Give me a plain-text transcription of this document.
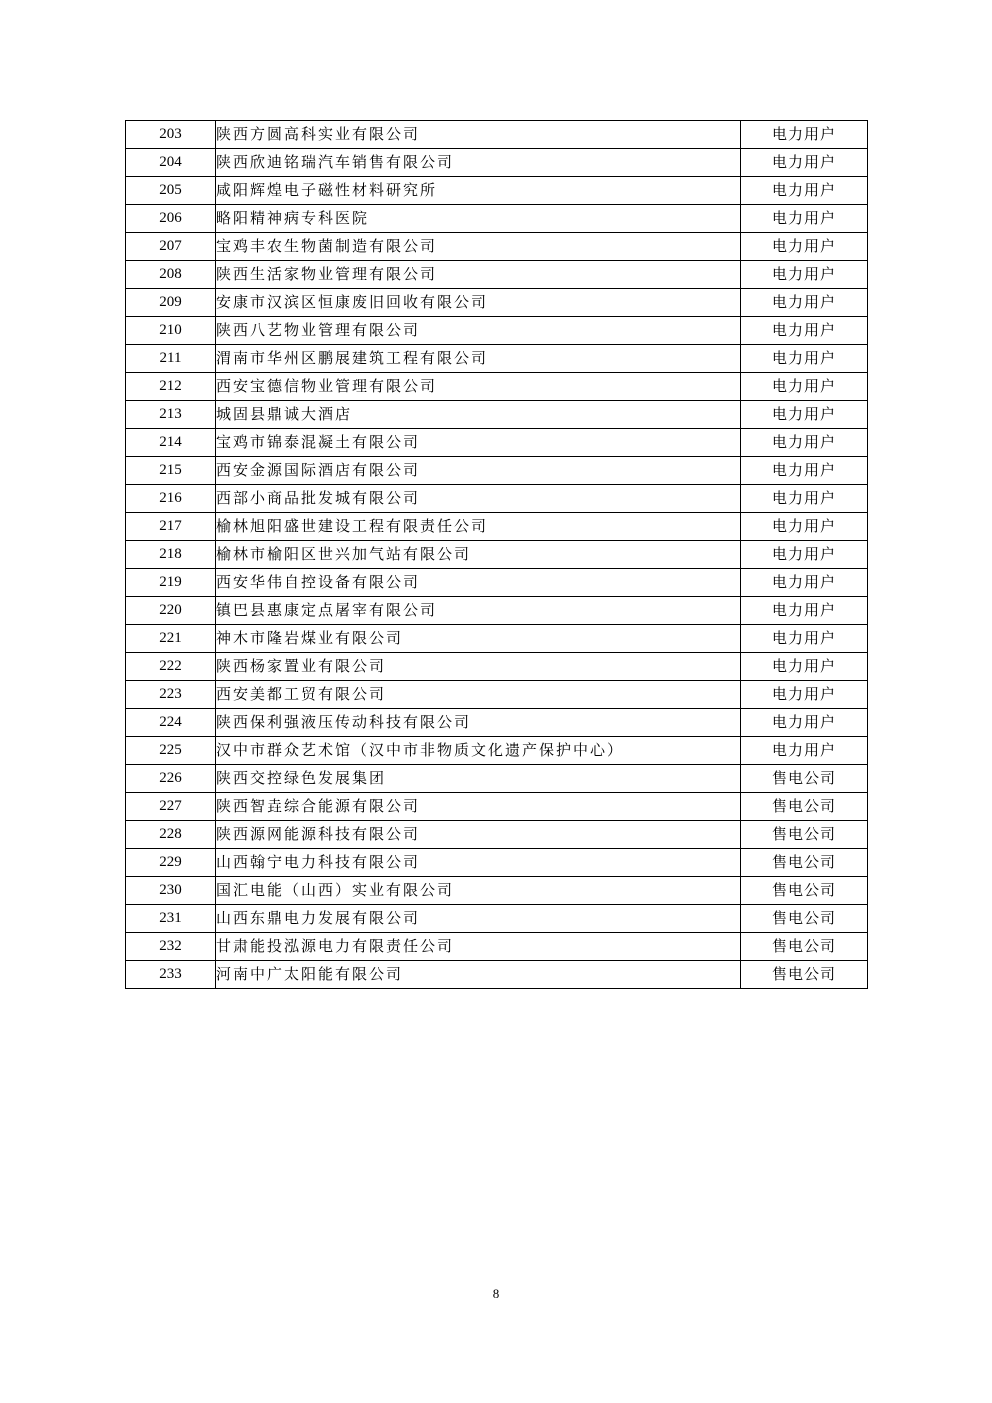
203	陕西方圆高科实业有限公司	电力用户
204	陕西欣迪铭瑞汽车销售有限公司	电力用户
205	咸阳辉煌电子磁性材料研究所	电力用户
206	略阳精神病专科医院	电力用户
207	宝鸡丰农生物菌制造有限公司	电力用户
208	陕西生活家物业管理有限公司	电力用户
209	安康市汉滨区恒康废旧回收有限公司	电力用户
210	陕西八艺物业管理有限公司	电力用户
211	渭南市华州区鹏展建筑工程有限公司	电力用户
212	西安宝德信物业管理有限公司	电力用户
213	城固县鼎诚大酒店	电力用户
214	宝鸡市锦泰混凝土有限公司	电力用户
215	西安金源国际酒店有限公司	电力用户
216	西部小商品批发城有限公司	电力用户
217	榆林旭阳盛世建设工程有限责任公司	电力用户
218	榆林市榆阳区世兴加气站有限公司	电力用户
219	西安华伟自控设备有限公司	电力用户
220	镇巴县惠康定点屠宰有限公司	电力用户
221	神木市隆岩煤业有限公司	电力用户
222	陕西杨家置业有限公司	电力用户
223	西安美都工贸有限公司	电力用户
224	陕西保利强液压传动科技有限公司	电力用户
225	汉中市群众艺术馆（汉中市非物质文化遗产保护中心）	电力用户
226	陕西交控绿色发展集团	售电公司
227	陕西智垚综合能源有限公司	售电公司
228	陕西源网能源科技有限公司	售电公司
229	山西翰宁电力科技有限公司	售电公司
230	国汇电能（山西）实业有限公司	售电公司
231	山西东鼎电力发展有限公司	售电公司
232	甘肃能投泓源电力有限责任公司	售电公司
233	河南中广太阳能有限公司	售电公司
8
